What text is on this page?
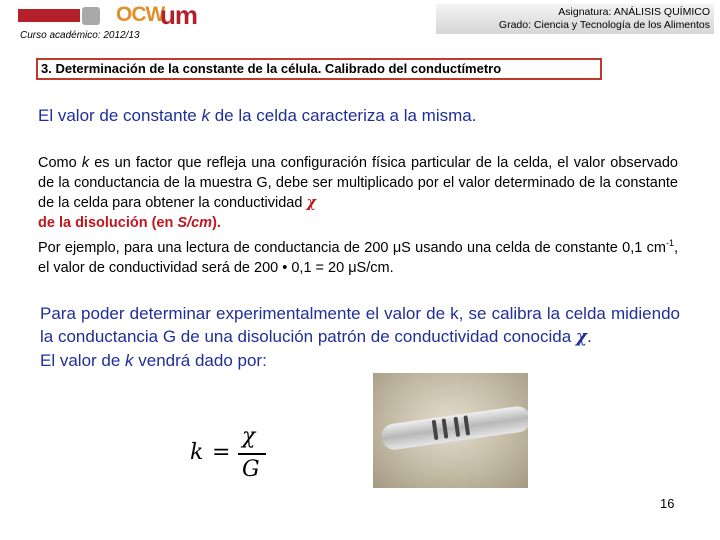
OCW
um
Curso académico: 2012/13
Asignatura: ANÁLISIS QUÍMICO
Grado: Ciencia y Tecnología de los Alimentos
3. Determinación de la constante de la célula. Calibrado del conductímetro
El valor de constante k de la celda caracteriza a la misma.
Como k es un factor que refleja una configuración física particular de la celda, el valor observado de la conductancia de la muestra G, debe ser multiplicado por el valor determinado de la constante de la celda para obtener la conductividad χ
de la disolución (en S/cm).
Por ejemplo, para una lectura de conductancia de 200 μS usando una celda de constante 0,1 $cm^{-1}$, el valor de conductividad será de 200 • 0,1 = 20 μS/cm.
Para poder determinar experimentalmente el valor de k, se calibra la celda midiendo la conductancia G de una disolución patrón de conductividad conocida χ.
El valor de k vendrá dado por:
k =
χ
G
16
